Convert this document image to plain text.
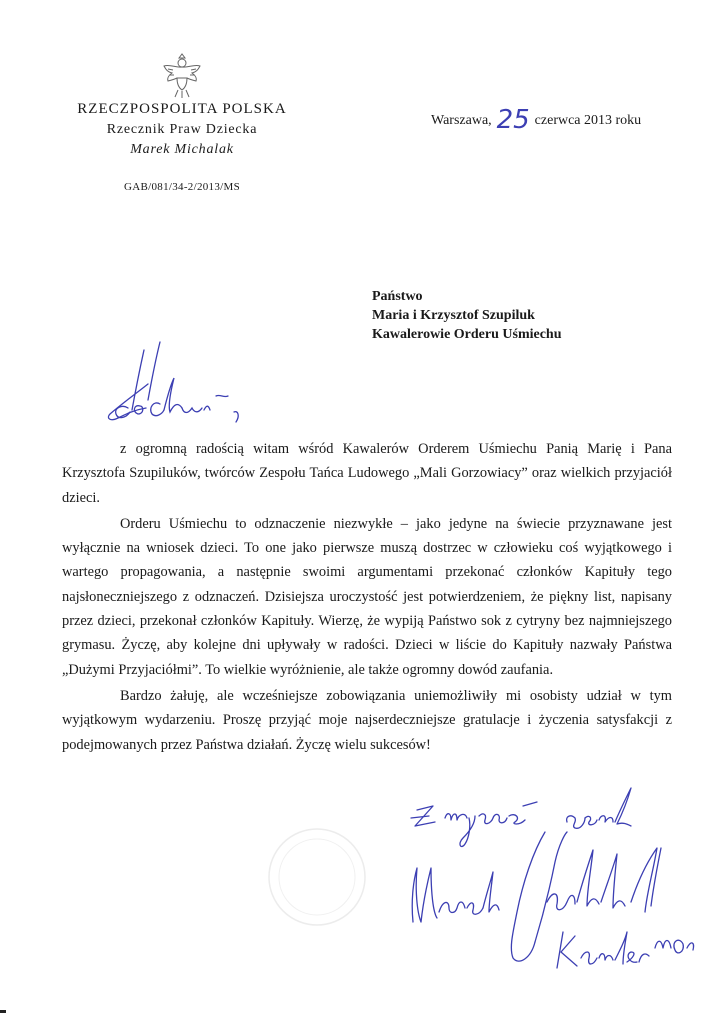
RZECZPOSPOLITA POLSKA
Rzecznik Praw Dziecka
Marek Michalak
GAB/081/34-2/2013/MS
Warszawa, 25 czerwca 2013 roku
Państwo
Maria i Krzysztof Szupiluk
Kawalerowie Orderu Uśmiechu

z ogromną radością witam wśród Kawalerów Orderem Uśmiechu Panią Marię i Pana Krzysztofa Szupiluków, twórców Zespołu Tańca Ludowego „Mali Gorzowiacy” oraz wielkich przyjaciół dzieci.

Orderu Uśmiechu to odznaczenie niezwykłe – jako jedyne na świecie przyznawane jest wyłącznie na wniosek dzieci. To one jako pierwsze muszą dostrzec w człowieku coś wyjątkowego i wartego propagowania, a następnie swoimi argumentami przekonać członków Kapituły tego najsłoneczniejszego z odznaczeń. Dzisiejsza uroczystość jest potwierdzeniem, że piękny list, napisany przez dzieci, przekonał członków Kapituły. Wierzę, że wypiją Państwo sok z cytryny bez najmniejszego grymasu. Życzę, aby kolejne dni upływały w radości. Dzieci w liście do Kapituły nazwały Państwa „Dużymi Przyjaciółmi”. To wielkie wyróżnienie, ale także ogromny dowód zaufania.

Bardzo żałuję, ale wcześniejsze zobowiązania uniemożliwiły mi osobisty udział w tym wyjątkowym wydarzeniu. Proszę przyjąć moje najserdeczniejsze gratulacje i życzenia satysfakcji z podejmowanych przez Państwa działań. Życzę wielu sukcesów!
